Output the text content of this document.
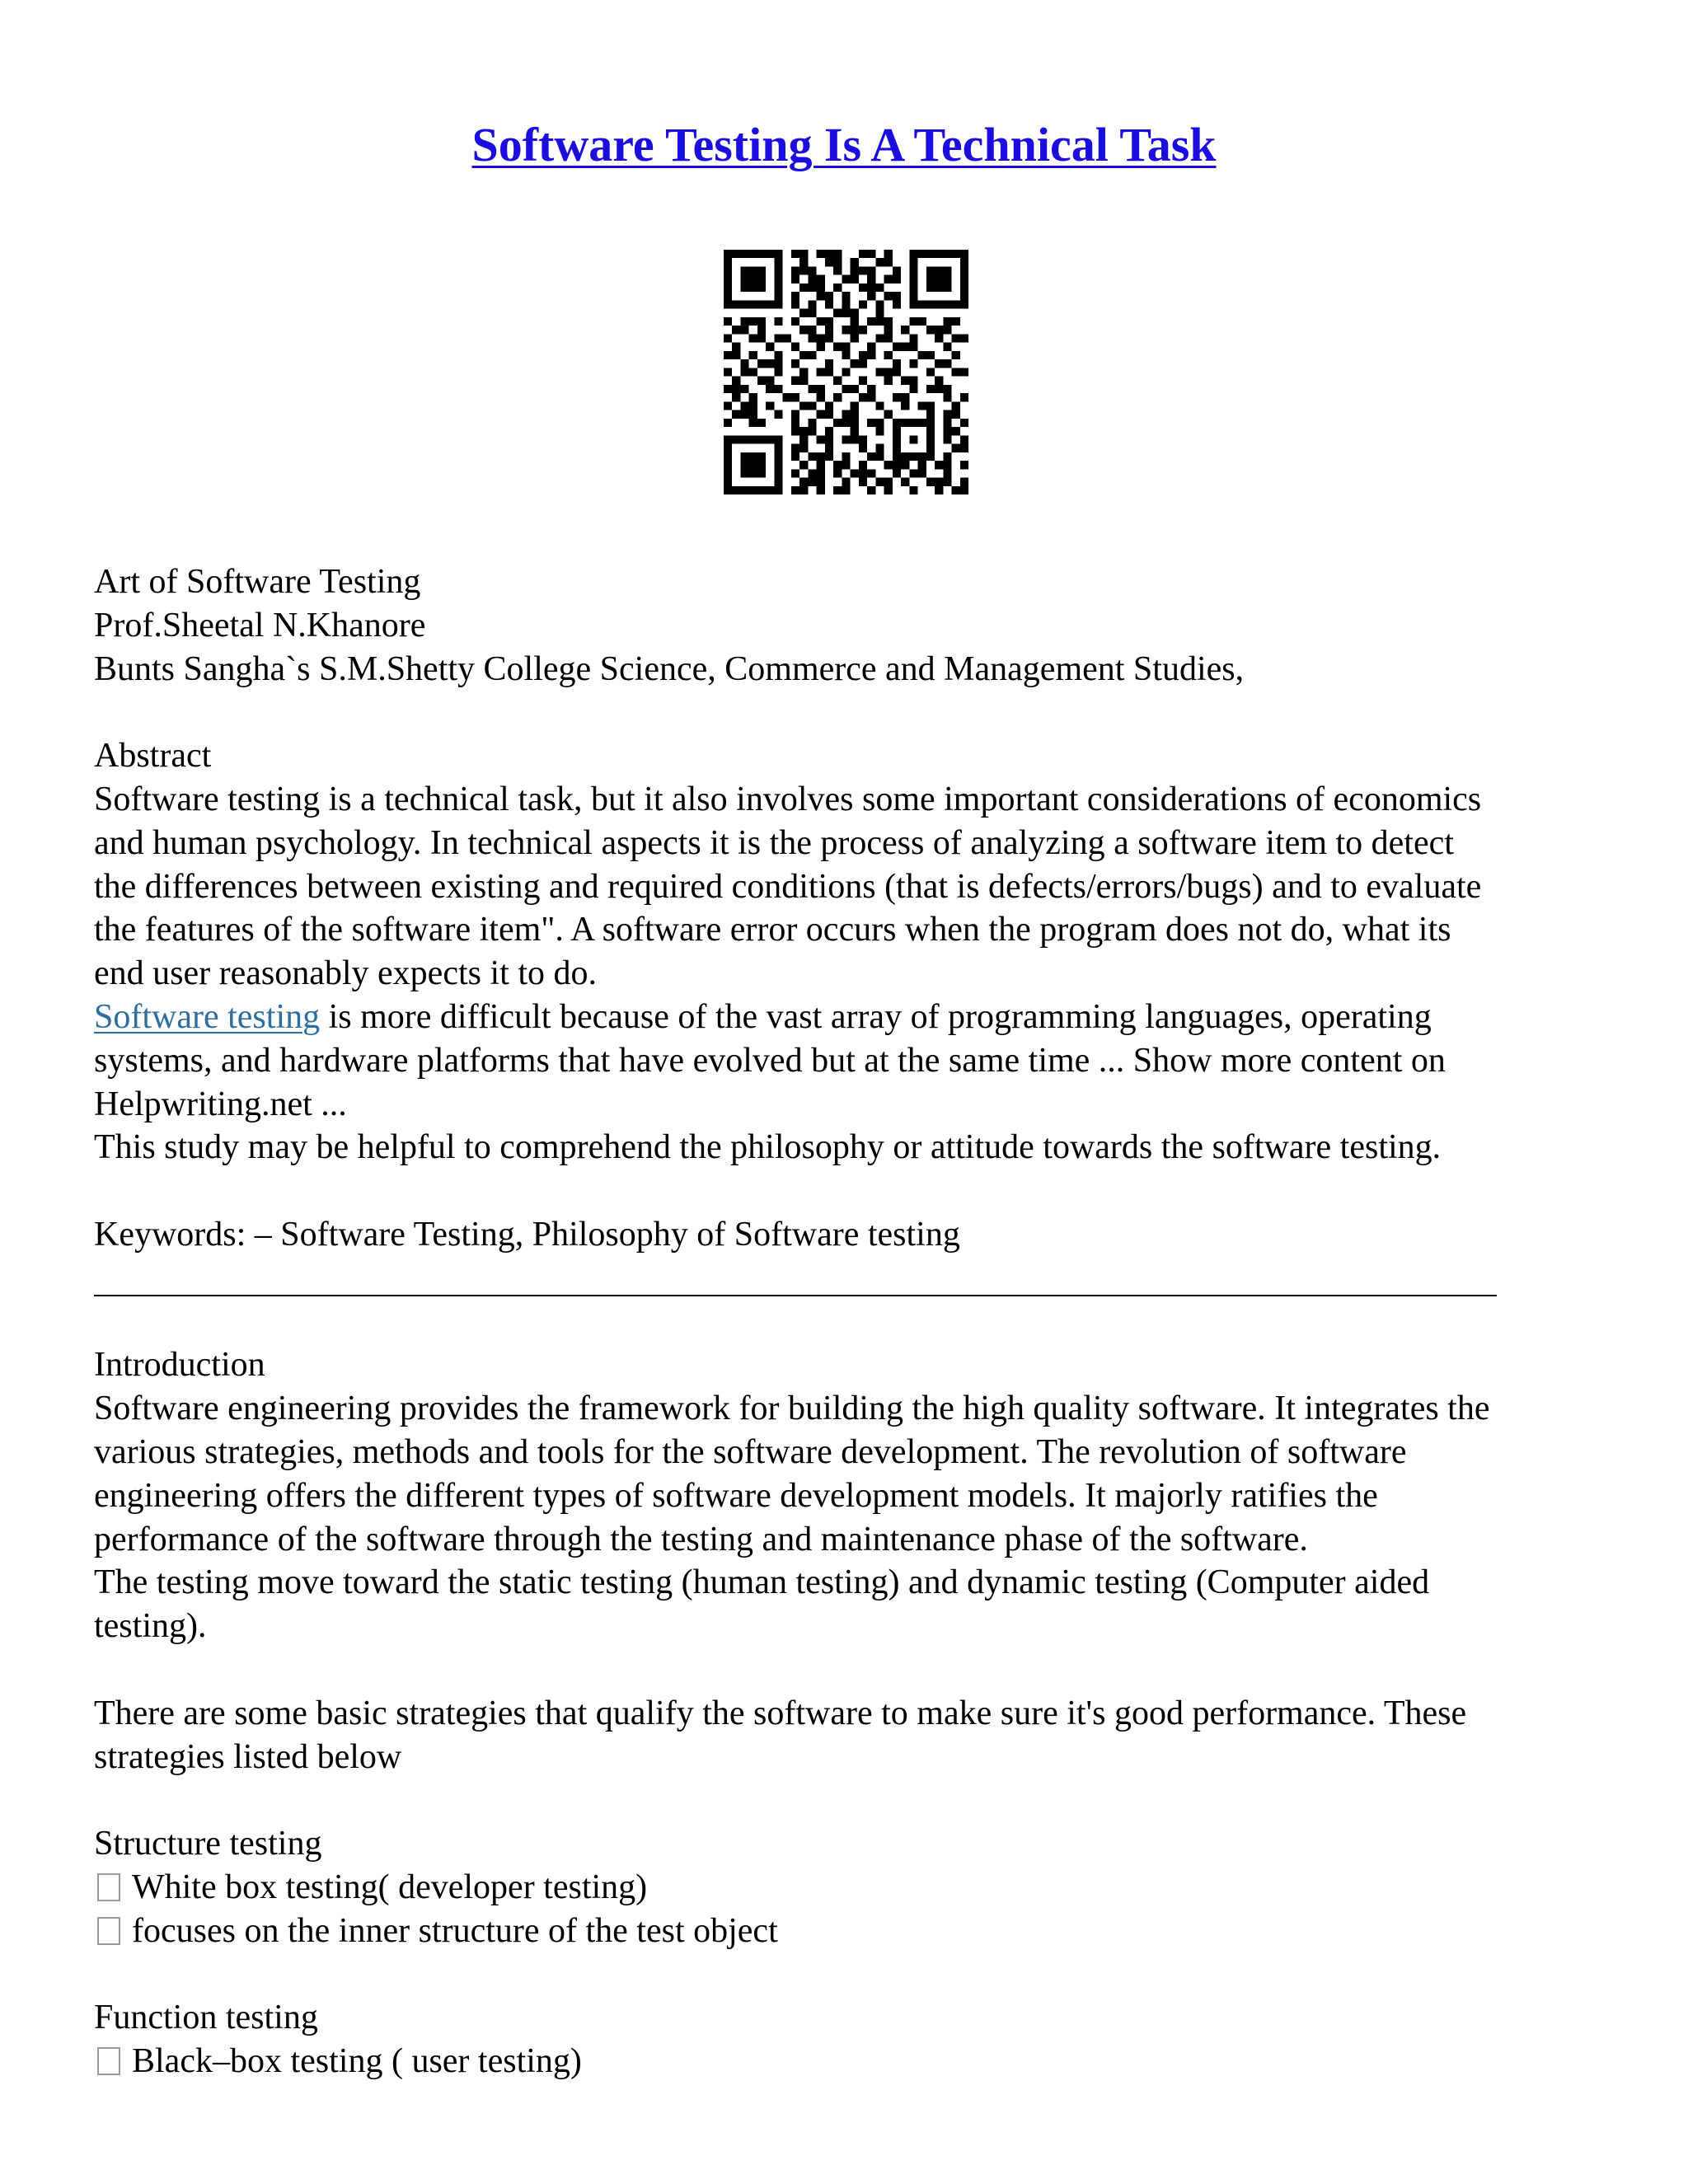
Software Testing Is A Technical Task
Art of Software Testing
Prof.Sheetal N.Khanore
Bunts Sangha`s S.M.Shetty College Science, Commerce and Management Studies,
Abstract
Software testing is a technical task, but it also involves some important considerations of economics
and human psychology. In technical aspects it is the process of analyzing a software item to detect
the differences between existing and required conditions (that is defects/errors/bugs) and to evaluate
the features of the software item". A software error occurs when the program does not do, what its
end user reasonably expects it to do.
Software testing is more difficult because of the vast array of programming languages, operating
systems, and hardware platforms that have evolved but at the same time ... Show more content on
Helpwriting.net ...
This study may be helpful to comprehend the philosophy or attitude towards the software testing.
Keywords: – Software Testing, Philosophy of Software testing
Introduction
Software engineering provides the framework for building the high quality software. It integrates the
various strategies, methods and tools for the software development. The revolution of software
engineering offers the different types of software development models. It majorly ratifies the
performance of the software through the testing and maintenance phase of the software.
The testing move toward the static testing (human testing) and dynamic testing (Computer aided
testing).
There are some basic strategies that qualify the software to make sure it's good performance. These
strategies listed below
Structure testing
White box testing( developer testing)
focuses on the inner structure of the test object
Function testing
Black–box testing ( user testing)
